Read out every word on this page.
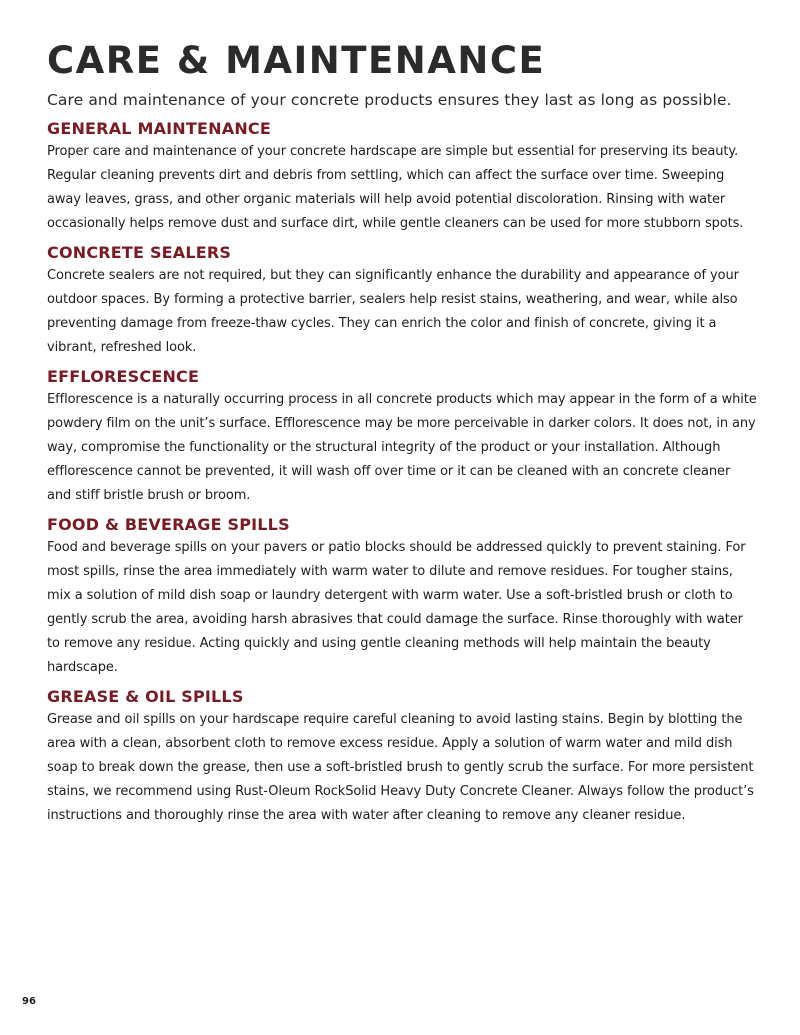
CARE & MAINTENANCE

Care and maintenance of your concrete products ensures they last as long as possible.

GENERAL MAINTENANCE

Proper care and maintenance of your concrete hardscape are simple but essential for preserving its beauty. Regular cleaning prevents dirt and debris from settling, which can affect the surface over time. Sweeping away leaves, grass, and other organic materials will help avoid potential discoloration. Rinsing with water occasionally helps remove dust and surface dirt, while gentle cleaners can be used for more stubborn spots.

CONCRETE SEALERS

Concrete sealers are not required, but they can significantly enhance the durability and appearance of your outdoor spaces. By forming a protective barrier, sealers help resist stains, weathering, and wear, while also preventing damage from freeze-thaw cycles. They can enrich the color and finish of concrete, giving it a vibrant, refreshed look.

EFFLORESCENCE

Efflorescence is a naturally occurring process in all concrete products which may appear in the form of a white powdery film on the unit’s surface. Efflorescence may be more perceivable in darker colors. It does not, in any way, compromise the functionality or the structural integrity of the product or your installation. Although efflorescence cannot be prevented, it will wash off over time or it can be cleaned with an concrete cleaner and stiff bristle brush or broom.

FOOD & BEVERAGE SPILLS

Food and beverage spills on your pavers or patio blocks should be addressed quickly to prevent staining. For most spills, rinse the area immediately with warm water to dilute and remove residues. For tougher stains, mix a solution of mild dish soap or laundry detergent with warm water. Use a soft-bristled brush or cloth to gently scrub the area, avoiding harsh abrasives that could damage the surface. Rinse thoroughly with water to remove any residue. Acting quickly and using gentle cleaning methods will help maintain the beauty hardscape.

GREASE & OIL SPILLS

Grease and oil spills on your hardscape require careful cleaning to avoid lasting stains. Begin by blotting the area with a clean, absorbent cloth to remove excess residue. Apply a solution of warm water and mild dish soap to break down the grease, then use a soft-bristled brush to gently scrub the surface. For more persistent stains, we recommend using Rust-Oleum RockSolid Heavy Duty Concrete Cleaner. Always follow the product’s instructions and thoroughly rinse the area with water after cleaning to remove any cleaner residue.

96
